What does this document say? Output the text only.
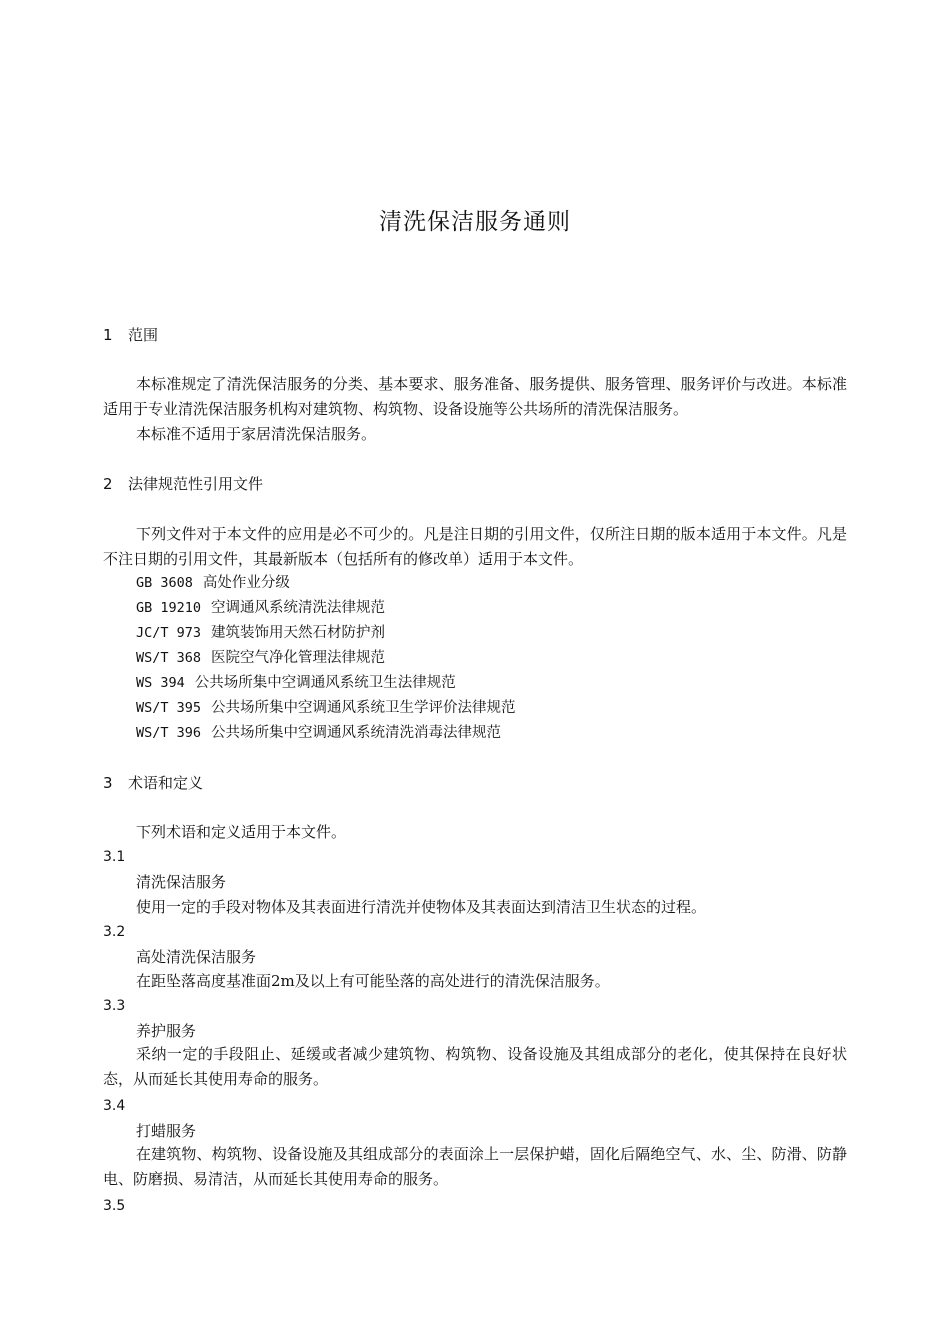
清洗保洁服务通则
1 范围
本标准规定了清洗保洁服务的分类、基本要求、服务准备、服务提供、服务管理、服务评价与改进。本标准适用于专业清洗保洁服务机构对建筑物、构筑物、设备设施等公共场所的清洗保洁服务。
本标准不适用于家居清洗保洁服务。
2 法律规范性引用文件
下列文件对于本文件的应用是必不可少的。凡是注日期的引用文件，仅所注日期的版本适用于本文件。凡是不注日期的引用文件，其最新版本（包括所有的修改单）适用于本文件。
GB 3608 高处作业分级
GB 19210 空调通风系统清洗法律规范
JC/T 973 建筑装饰用天然石材防护剂
WS/T 368 医院空气净化管理法律规范
WS 394 公共场所集中空调通风系统卫生法律规范
WS/T 395 公共场所集中空调通风系统卫生学评价法律规范
WS/T 396 公共场所集中空调通风系统清洗消毒法律规范
3 术语和定义
下列术语和定义适用于本文件。
3.1
清洗保洁服务
使用一定的手段对物体及其表面进行清洗并使物体及其表面达到清洁卫生状态的过程。
3.2
高处清洗保洁服务
在距坠落高度基准面2m及以上有可能坠落的高处进行的清洗保洁服务。
3.3
养护服务
采纳一定的手段阻止、延缓或者减少建筑物、构筑物、设备设施及其组成部分的老化，使其保持在良好状态，从而延长其使用寿命的服务。
3.4
打蜡服务
在建筑物、构筑物、设备设施及其组成部分的表面涂上一层保护蜡，固化后隔绝空气、水、尘、防滑、防静电、防磨损、易清洁，从而延长其使用寿命的服务。
3.5
